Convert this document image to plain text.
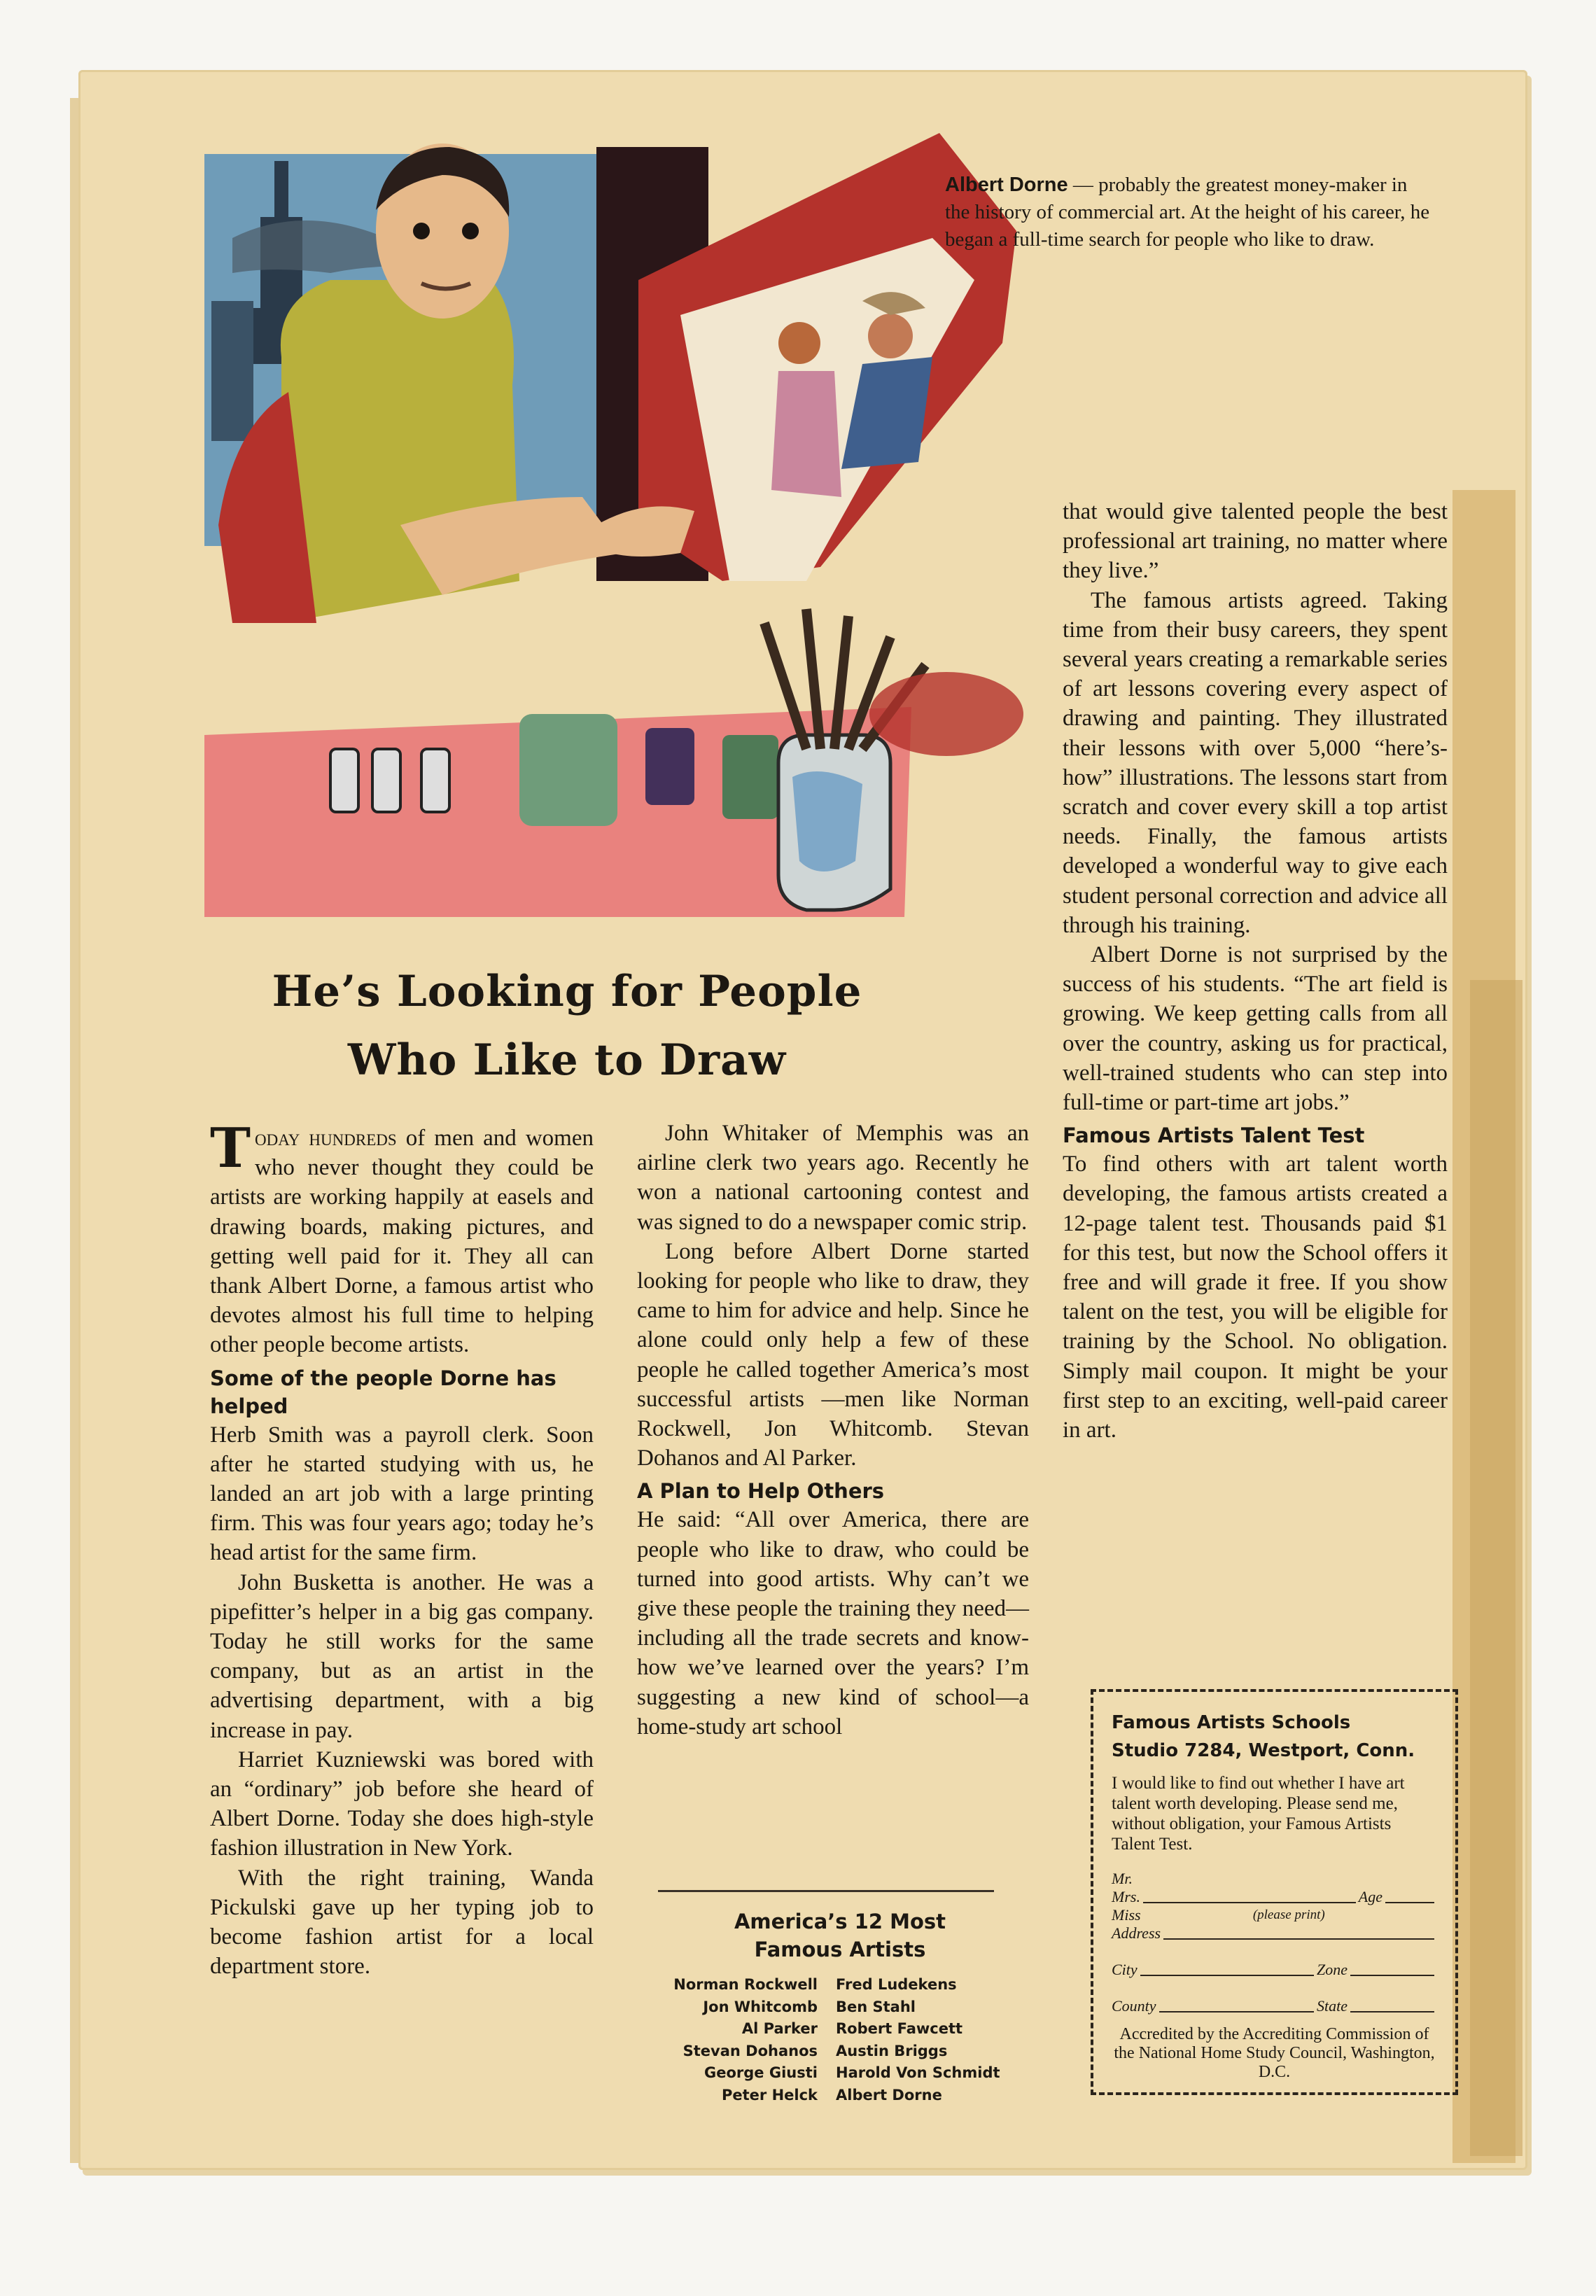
Albert Dorne — probably the greatest money-maker in the history of commercial art. At the height of his career, he began a full-time search for people who like to draw.
He’s Looking for People
Who Like to Draw

Today hundreds of men and women who never thought they could be artists are working happily at easels and drawing boards, making pictures, and getting well paid for it. They all can thank Albert Dorne, a famous artist who devotes almost his full time to helping other people become artists.

Some of the people Dorne has helped

Herb Smith was a payroll clerk. Soon after he started studying with us, he landed an art job with a large printing firm. This was four years ago; today he’s head artist for the same firm.

John Busketta is another. He was a pipefitter’s helper in a big gas company. Today he still works for the same company, but as an artist in the advertising department, with a big increase in pay.

Harriet Kuzniewski was bored with an “ordinary” job before she heard of Albert Dorne. Today she does high-style fashion illustration in New York.

With the right training, Wanda Pickulski gave up her typing job to become fashion artist for a local department store.

John Whitaker of Memphis was an airline clerk two years ago. Recently he won a national cartooning contest and was signed to do a newspaper comic strip.

Long before Albert Dorne started looking for people who like to draw, they came to him for advice and help. Since he alone could only help a few of these people he called together America’s most successful artists —men like Norman Rockwell, Jon Whitcomb. Stevan Dohanos and Al Parker.

A Plan to Help Others

He said: “All over America, there are people who like to draw, who could be turned into good artists. Why can’t we give these people the training they need—including all the trade secrets and know-how we’ve learned over the years? I’m suggesting a new kind of school—a home-study art school

America’s 12 Most
Famous Artists
Norman Rockwell	Fred Ludekens
Jon Whitcomb	Ben Stahl
Al Parker	Robert Fawcett
Stevan Dohanos	Austin Briggs
George Giusti	Harold Von Schmidt
Peter Helck	Albert Dorne

that would give talented people the best professional art training, no matter where they live.”

The famous artists agreed. Taking time from their busy careers, they spent several years creating a remarkable series of art lessons covering every aspect of drawing and painting. They illustrated their lessons with over 5,000 “here’s-how” illustrations. The lessons start from scratch and cover every skill a top artist needs. Finally, the famous artists developed a wonderful way to give each student personal correction and advice all through his training.

Albert Dorne is not surprised by the success of his students. “The art field is growing. We keep getting calls from all over the country, asking us for practical, well-trained students who can step into full-time or part-time art jobs.”

Famous Artists Talent Test

To find others with art talent worth developing, the famous artists created a 12-page talent test. Thousands paid $1 for this test, but now the School offers it free and will grade it free. If you show talent on the test, you will be eligible for training by the School. No obligation. Simply mail coupon. It might be your first step to an exciting, well-paid career in art.

Famous Artists Schools
Studio 7284, Westport, Conn.
I would like to find out whether I have art talent worth developing. Please send me, without obligation, your Famous Artists Talent Test.
Mr.
Mrs.	Age
Miss	(please print)
Address
City	Zone
County	State
Accredited by the Accrediting Commission of the National Home Study Council, Washington, D.C.
